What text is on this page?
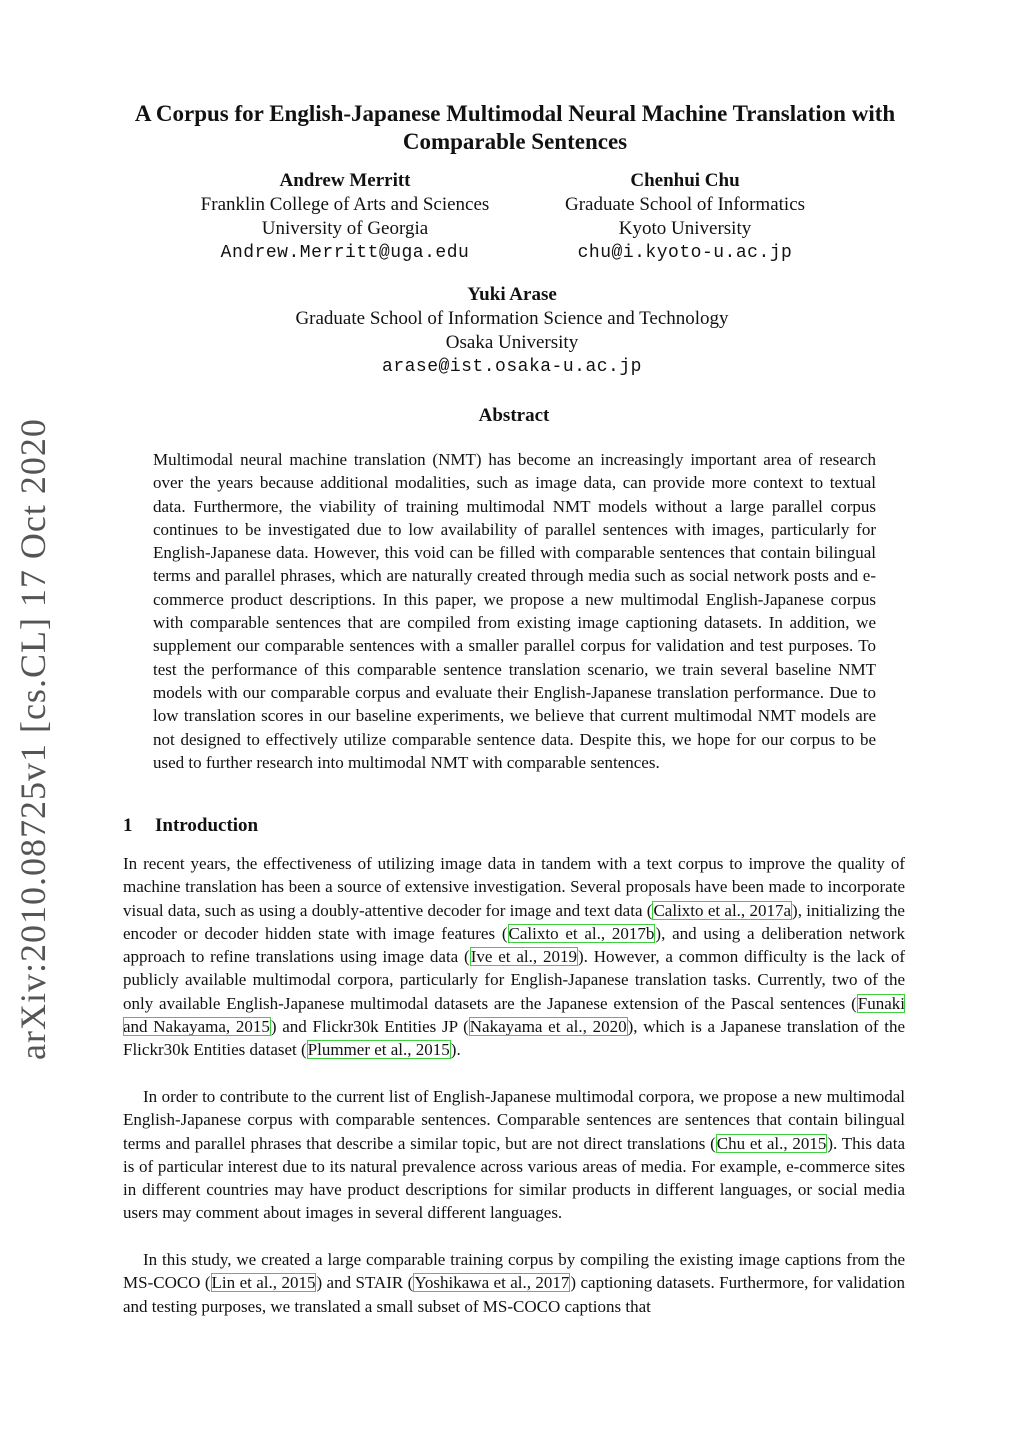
arXiv:2010.08725v1 [cs.CL] 17 Oct 2020
A Corpus for English-Japanese Multimodal Neural Machine Translation with Comparable Sentences
Andrew Merritt
Franklin College of Arts and Sciences
University of Georgia
Andrew.Merritt@uga.edu
Chenhui Chu
Graduate School of Informatics
Kyoto University
chu@i.kyoto-u.ac.jp
Yuki Arase
Graduate School of Information Science and Technology
Osaka University
arase@ist.osaka-u.ac.jp
Abstract
Multimodal neural machine translation (NMT) has become an increasingly important area of research over the years because additional modalities, such as image data, can provide more context to textual data. Furthermore, the viability of training multimodal NMT models without a large parallel corpus continues to be investigated due to low availability of parallel sentences with images, particularly for English-Japanese data. However, this void can be filled with comparable sentences that contain bilingual terms and parallel phrases, which are naturally created through media such as social network posts and e-commerce product descriptions. In this paper, we propose a new multimodal English-Japanese corpus with comparable sentences that are compiled from existing image captioning datasets. In addition, we supplement our comparable sentences with a smaller parallel corpus for validation and test purposes. To test the performance of this comparable sentence translation scenario, we train several baseline NMT models with our comparable corpus and evaluate their English-Japanese translation performance. Due to low translation scores in our baseline experiments, we believe that current multimodal NMT models are not designed to effectively utilize comparable sentence data. Despite this, we hope for our corpus to be used to further research into multimodal NMT with comparable sentences.
1 Introduction
In recent years, the effectiveness of utilizing image data in tandem with a text corpus to improve the quality of machine translation has been a source of extensive investigation. Several proposals have been made to incorporate visual data, such as using a doubly-attentive decoder for image and text data (Calixto et al., 2017a), initializing the encoder or decoder hidden state with image features (Calixto et al., 2017b), and using a deliberation network approach to refine translations using image data (Ive et al., 2019). However, a common difficulty is the lack of publicly available multimodal corpora, particularly for English-Japanese translation tasks. Currently, two of the only available English-Japanese multimodal datasets are the Japanese extension of the Pascal sentences (Funaki and Nakayama, 2015) and Flickr30k Entities JP (Nakayama et al., 2020), which is a Japanese translation of the Flickr30k Entities dataset (Plummer et al., 2015).
In order to contribute to the current list of English-Japanese multimodal corpora, we propose a new multimodal English-Japanese corpus with comparable sentences. Comparable sentences are sentences that contain bilingual terms and parallel phrases that describe a similar topic, but are not direct translations (Chu et al., 2015). This data is of particular interest due to its natural prevalence across various areas of media. For example, e-commerce sites in different countries may have product descriptions for similar products in different languages, or social media users may comment about images in several different languages.
In this study, we created a large comparable training corpus by compiling the existing image captions from the MS-COCO (Lin et al., 2015) and STAIR (Yoshikawa et al., 2017) captioning datasets. Furthermore, for validation and testing purposes, we translated a small subset of MS-COCO captions that
